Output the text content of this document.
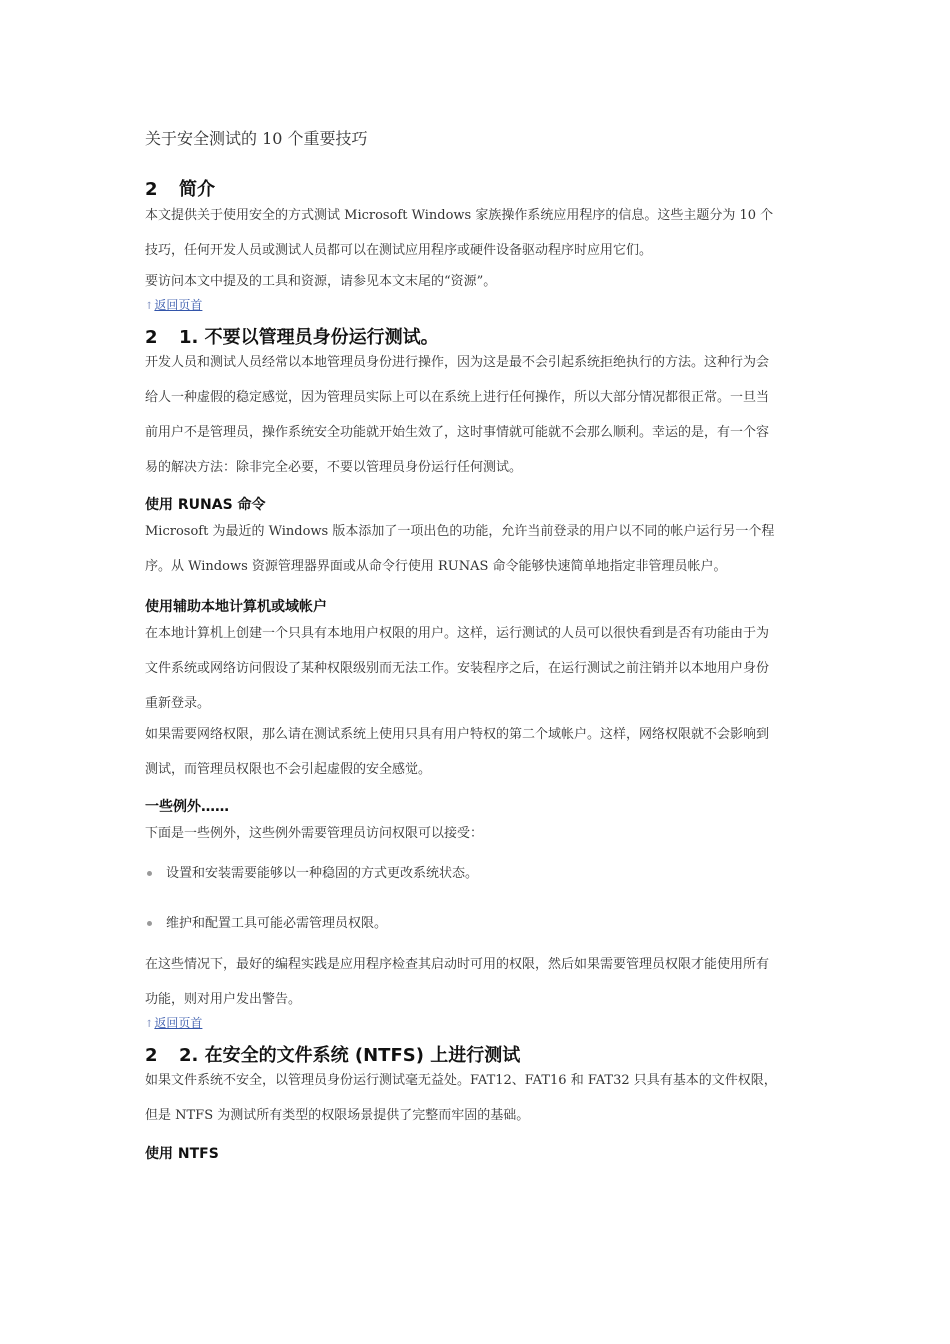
关于安全测试的 10 个重要技巧
2 简介
本文提供关于使用安全的方式测试 Microsoft Windows 家族操作系统应用程序的信息。这些主题分为 10 个
技巧，任何开发人员或测试人员都可以在测试应用程序或硬件设备驱动程序时应用它们。
要访问本文中提及的工具和资源，请参见本文末尾的“资源”。
↑返回页首
2 1. 不要以管理员身份运行测试。
开发人员和测试人员经常以本地管理员身份进行操作，因为这是最不会引起系统拒绝执行的方法。这种行为会
给人一种虚假的稳定感觉，因为管理员实际上可以在系统上进行任何操作，所以大部分情况都很正常。一旦当
前用户不是管理员，操作系统安全功能就开始生效了，这时事情就可能就不会那么顺利。幸运的是，有一个容
易的解决方法：除非完全必要，不要以管理员身份运行任何测试。
使用 RUNAS 命令
Microsoft 为最近的 Windows 版本添加了一项出色的功能，允许当前登录的用户以不同的帐户运行另一个程
序。从 Windows 资源管理器界面或从命令行使用 RUNAS 命令能够快速简单地指定非管理员帐户。
使用辅助本地计算机或域帐户
在本地计算机上创建一个只具有本地用户权限的用户。这样，运行测试的人员可以很快看到是否有功能由于为
文件系统或网络访问假设了某种权限级别而无法工作。安装程序之后，在运行测试之前注销并以本地用户身份
重新登录。
如果需要网络权限，那么请在测试系统上使用只具有用户特权的第二个域帐户。这样，网络权限就不会影响到
测试，而管理员权限也不会引起虚假的安全感觉。
一些例外……
下面是一些例外，这些例外需要管理员访问权限可以接受：
设置和安装需要能够以一种稳固的方式更改系统状态。
维护和配置工具可能必需管理员权限。
在这些情况下，最好的编程实践是应用程序检查其启动时可用的权限，然后如果需要管理员权限才能使用所有
功能，则对用户发出警告。
↑返回页首
2 2. 在安全的文件系统 (NTFS) 上进行测试
如果文件系统不安全，以管理员身份运行测试毫无益处。FAT12、FAT16 和 FAT32 只具有基本的文件权限，
但是 NTFS 为测试所有类型的权限场景提供了完整而牢固的基础。
使用 NTFS
